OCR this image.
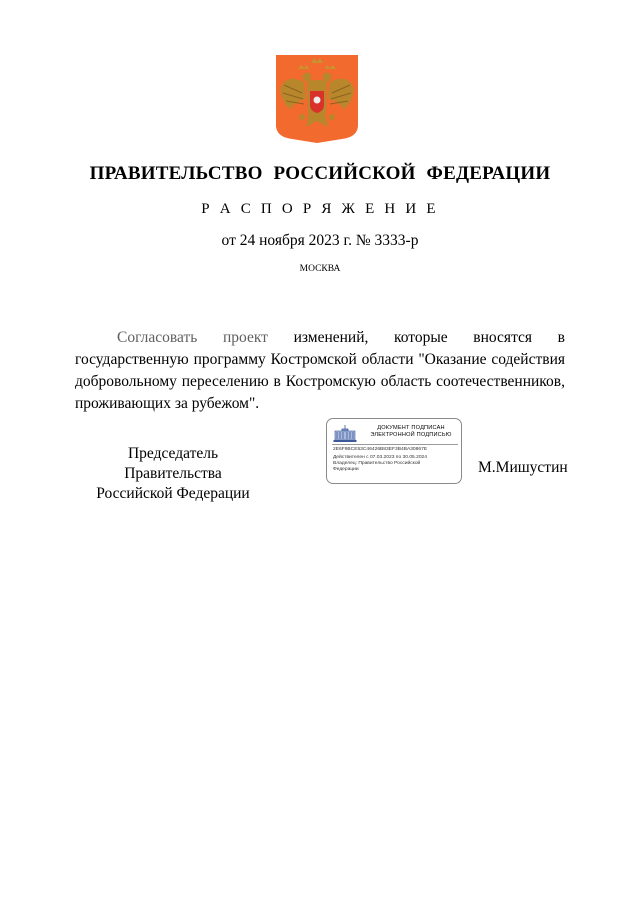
ПРАВИТЕЛЬСТВО РОССИЙСКОЙ ФЕДЕРАЦИИ
Р А С П О Р Я Ж Е Н И Е
от 24 ноября 2023 г. № 3333-р
МОСКВА
Согласовать проект изменений, которые вносятся в государственную программу Костромской области "Оказание содействия добровольному переселению в Костромскую область соотечественников, проживающих за рубежом".
Председатель Правительства
Российской Федерации
ДОКУМЕНТ ПОДПИСАН
ЭЛЕКТРОННОЙ ПОДПИСЬЮ
2E6F9BCE53C46426B83EF3B4BA30867E
Действителен с 07.03.2023 по 30.05.2024
Владелец: Правительство Российской
Федерации	М.Мишустин
